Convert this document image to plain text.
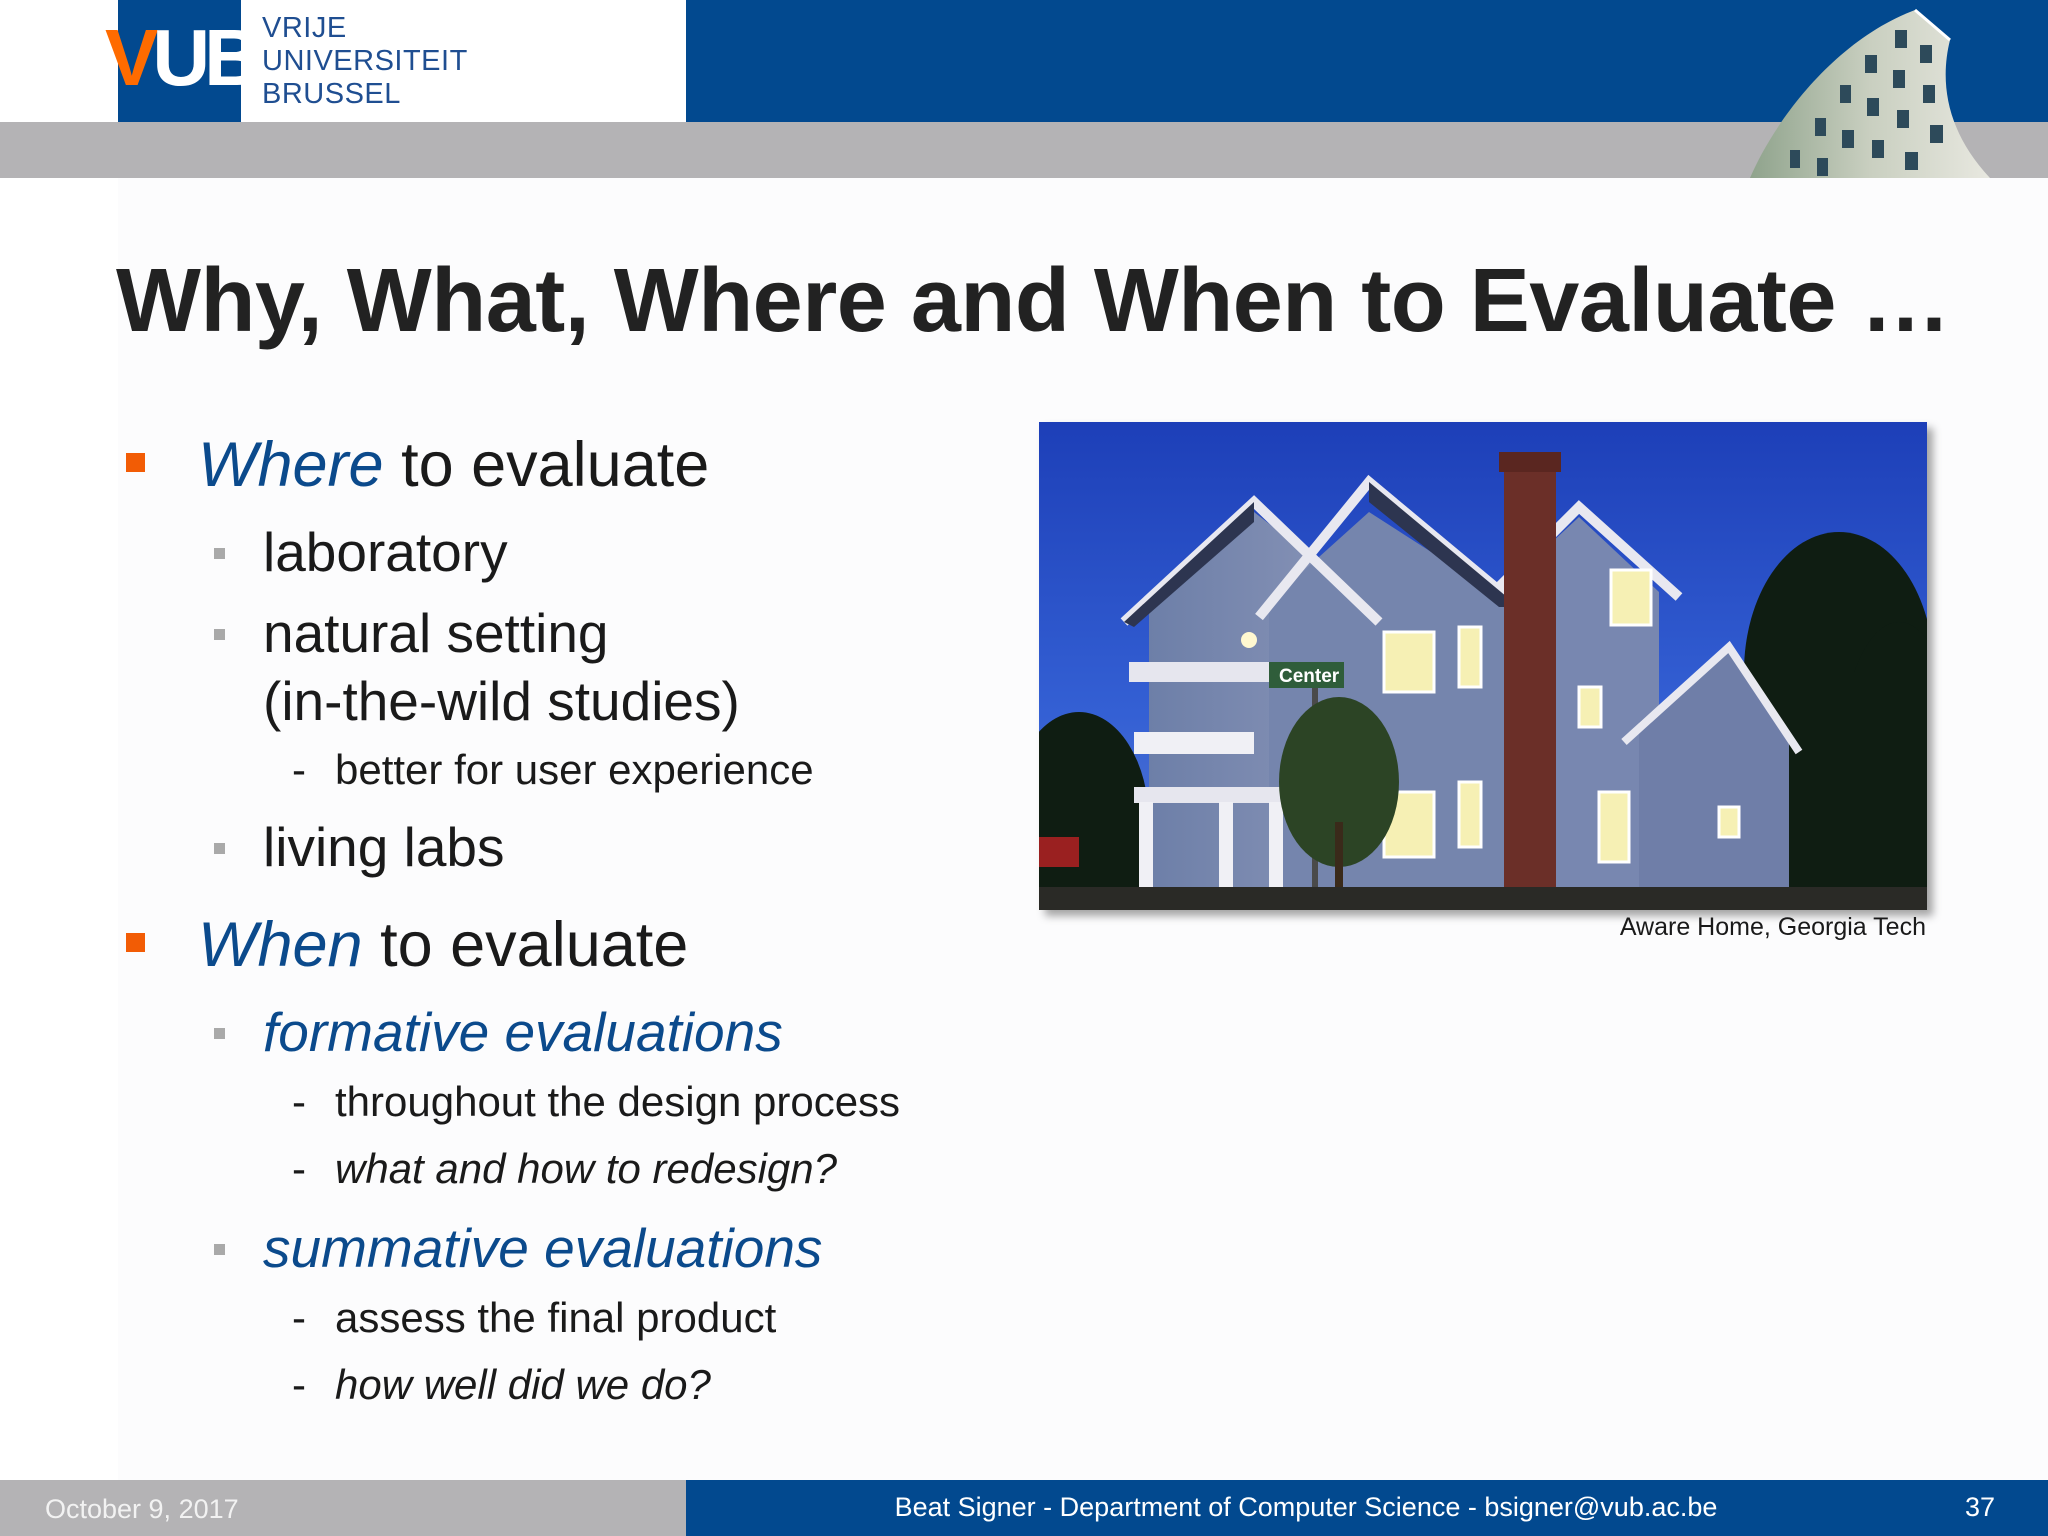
VUB VRIJE
UNIVERSITEIT
BRUSSEL
Why, What, Where and When to Evaluate …
Where to evaluate
laboratory
natural setting
(in-the-wild studies)
- better for user experience
living labs
When to evaluate
formative evaluations
- throughout the design process
- what and how to redesign?
summative evaluations
- assess the final product
- how well did we do?
Center
Aware Home, Georgia Tech
October 9, 2017	Beat Signer - Department of Computer Science - bsigner@vub.ac.be	37
